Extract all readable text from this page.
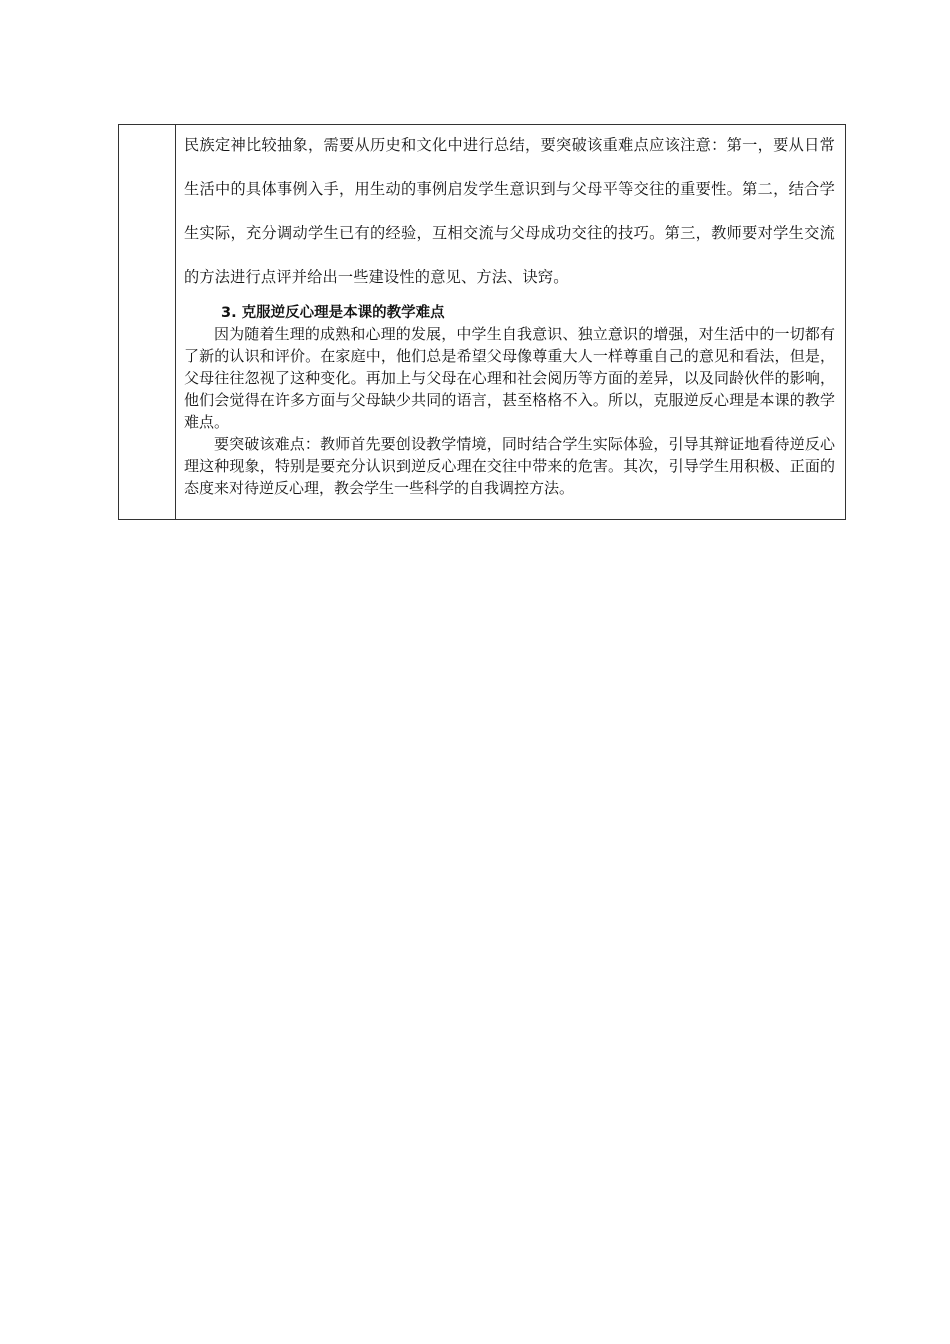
民族定神比较抽象，需要从历史和文化中进行总结，要突破该重难点应该注意：第一，要从日常生活中的具体事例入手，用生动的事例启发学生意识到与父母平等交往的重要性。第二，结合学生实际，充分调动学生已有的经验，互相交流与父母成功交往的技巧。第三，教师要对学生交流的方法进行点评并给出一些建设性的意见、方法、诀窍。

3. 克服逆反心理是本课的教学难点

因为随着生理的成熟和心理的发展，中学生自我意识、独立意识的增强，对生活中的一切都有了新的认识和评价。在家庭中，他们总是希望父母像尊重大人一样尊重自己的意见和看法，但是，父母往往忽视了这种变化。再加上与父母在心理和社会阅历等方面的差异，以及同龄伙伴的影响，他们会觉得在许多方面与父母缺少共同的语言，甚至格格不入。所以，克服逆反心理是本课的教学难点。

要突破该难点：教师首先要创设教学情境，同时结合学生实际体验，引导其辩证地看待逆反心理这种现象，特别是要充分认识到逆反心理在交往中带来的危害。其次，引导学生用积极、正面的态度来对待逆反心理，教会学生一些科学的自我调控方法。
